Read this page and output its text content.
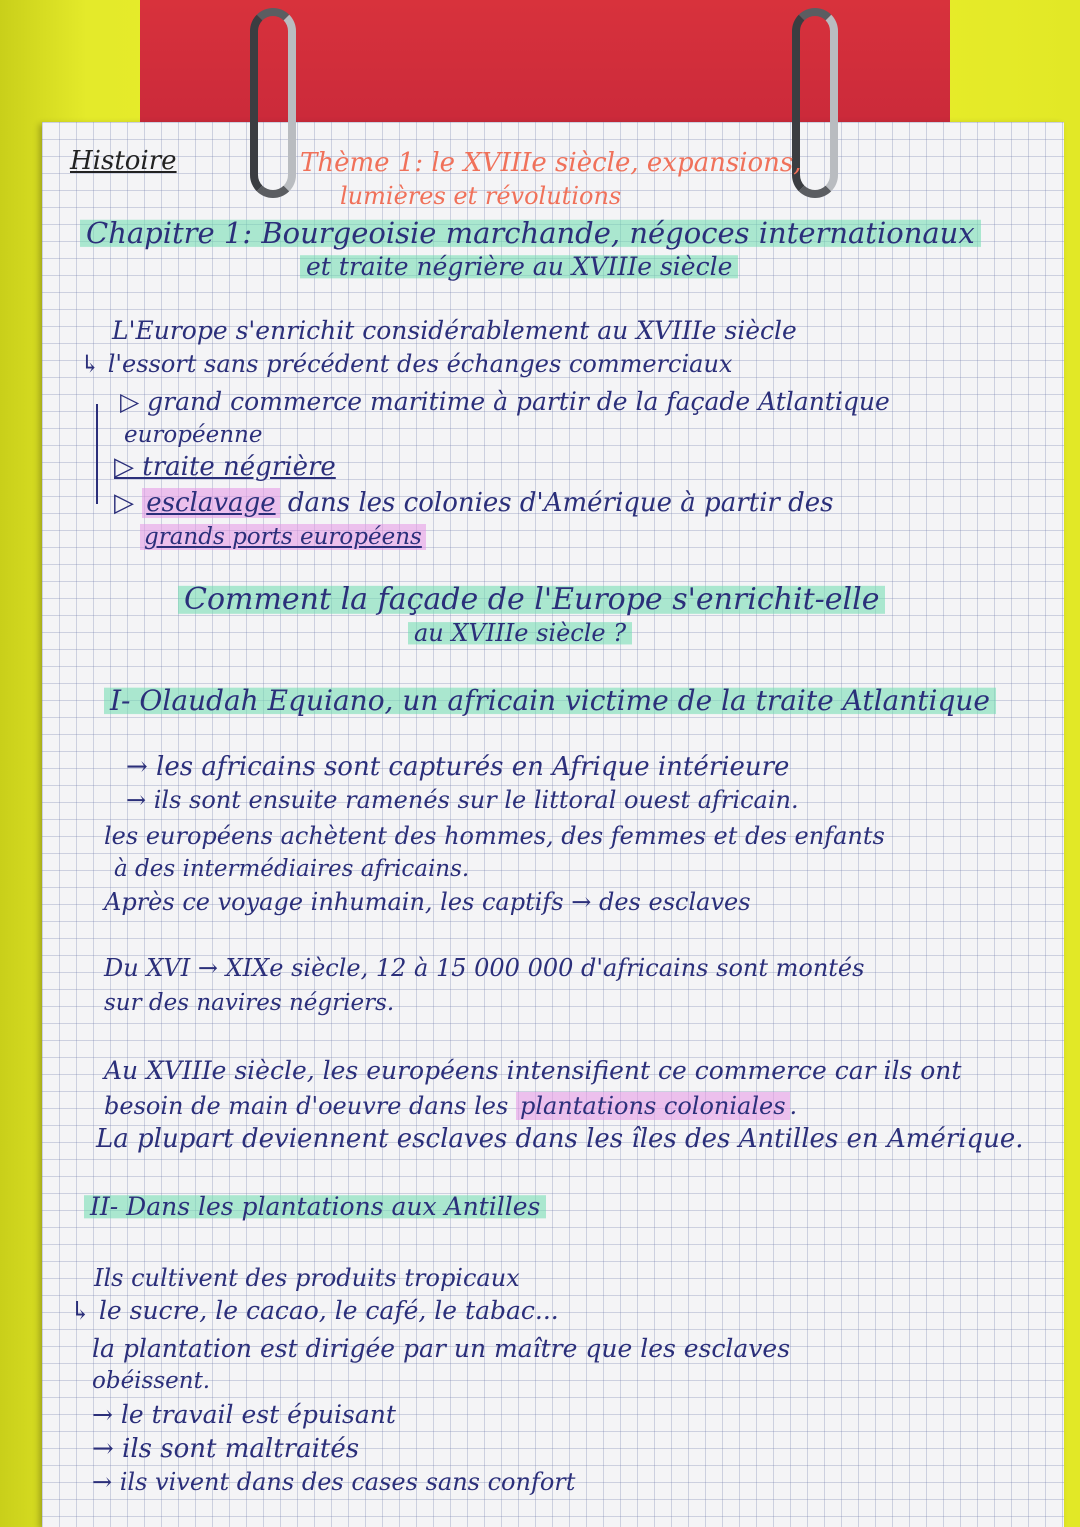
Histoire	Thème 1: le XVIIIe siècle, expansions,
lumières et révolutions
Chapitre 1: Bourgeoisie marchande, négoces internationaux
et traite négrière au XVIIIe siècle
L'Europe s'enrichit considérablement au XVIIIe siècle
↳ l'essort sans précédent des échanges commerciaux
▷ grand commerce maritime à partir de la façade Atlantique
européenne
▷ traite négrière
▷ esclavage dans les colonies d'Amérique à partir des
grands ports européens
Comment la façade de l'Europe s'enrichit-elle
au XVIIIe siècle ?
I- Olaudah Equiano, un africain victime de la traite Atlantique
→ les africains sont capturés en Afrique intérieure
→ ils sont ensuite ramenés sur le littoral ouest africain.
les européens achètent des hommes, des femmes et des enfants
à des intermédiaires africains.
Après ce voyage inhumain, les captifs → des esclaves
Du XVI → XIXe siècle, 12 à 15 000 000 d'africains sont montés
sur des navires négriers.
Au XVIIIe siècle, les européens intensifient ce commerce car ils ont
besoin de main d'oeuvre dans les plantations coloniales .
La plupart deviennent esclaves dans les îles des Antilles en Amérique.
II- Dans les plantations aux Antilles
Ils cultivent des produits tropicaux
↳ le sucre, le cacao, le café, le tabac...
la plantation est dirigée par un maître que les esclaves
obéissent.
→ le travail est épuisant
→ ils sont maltraités
→ ils vivent dans des cases sans confort
